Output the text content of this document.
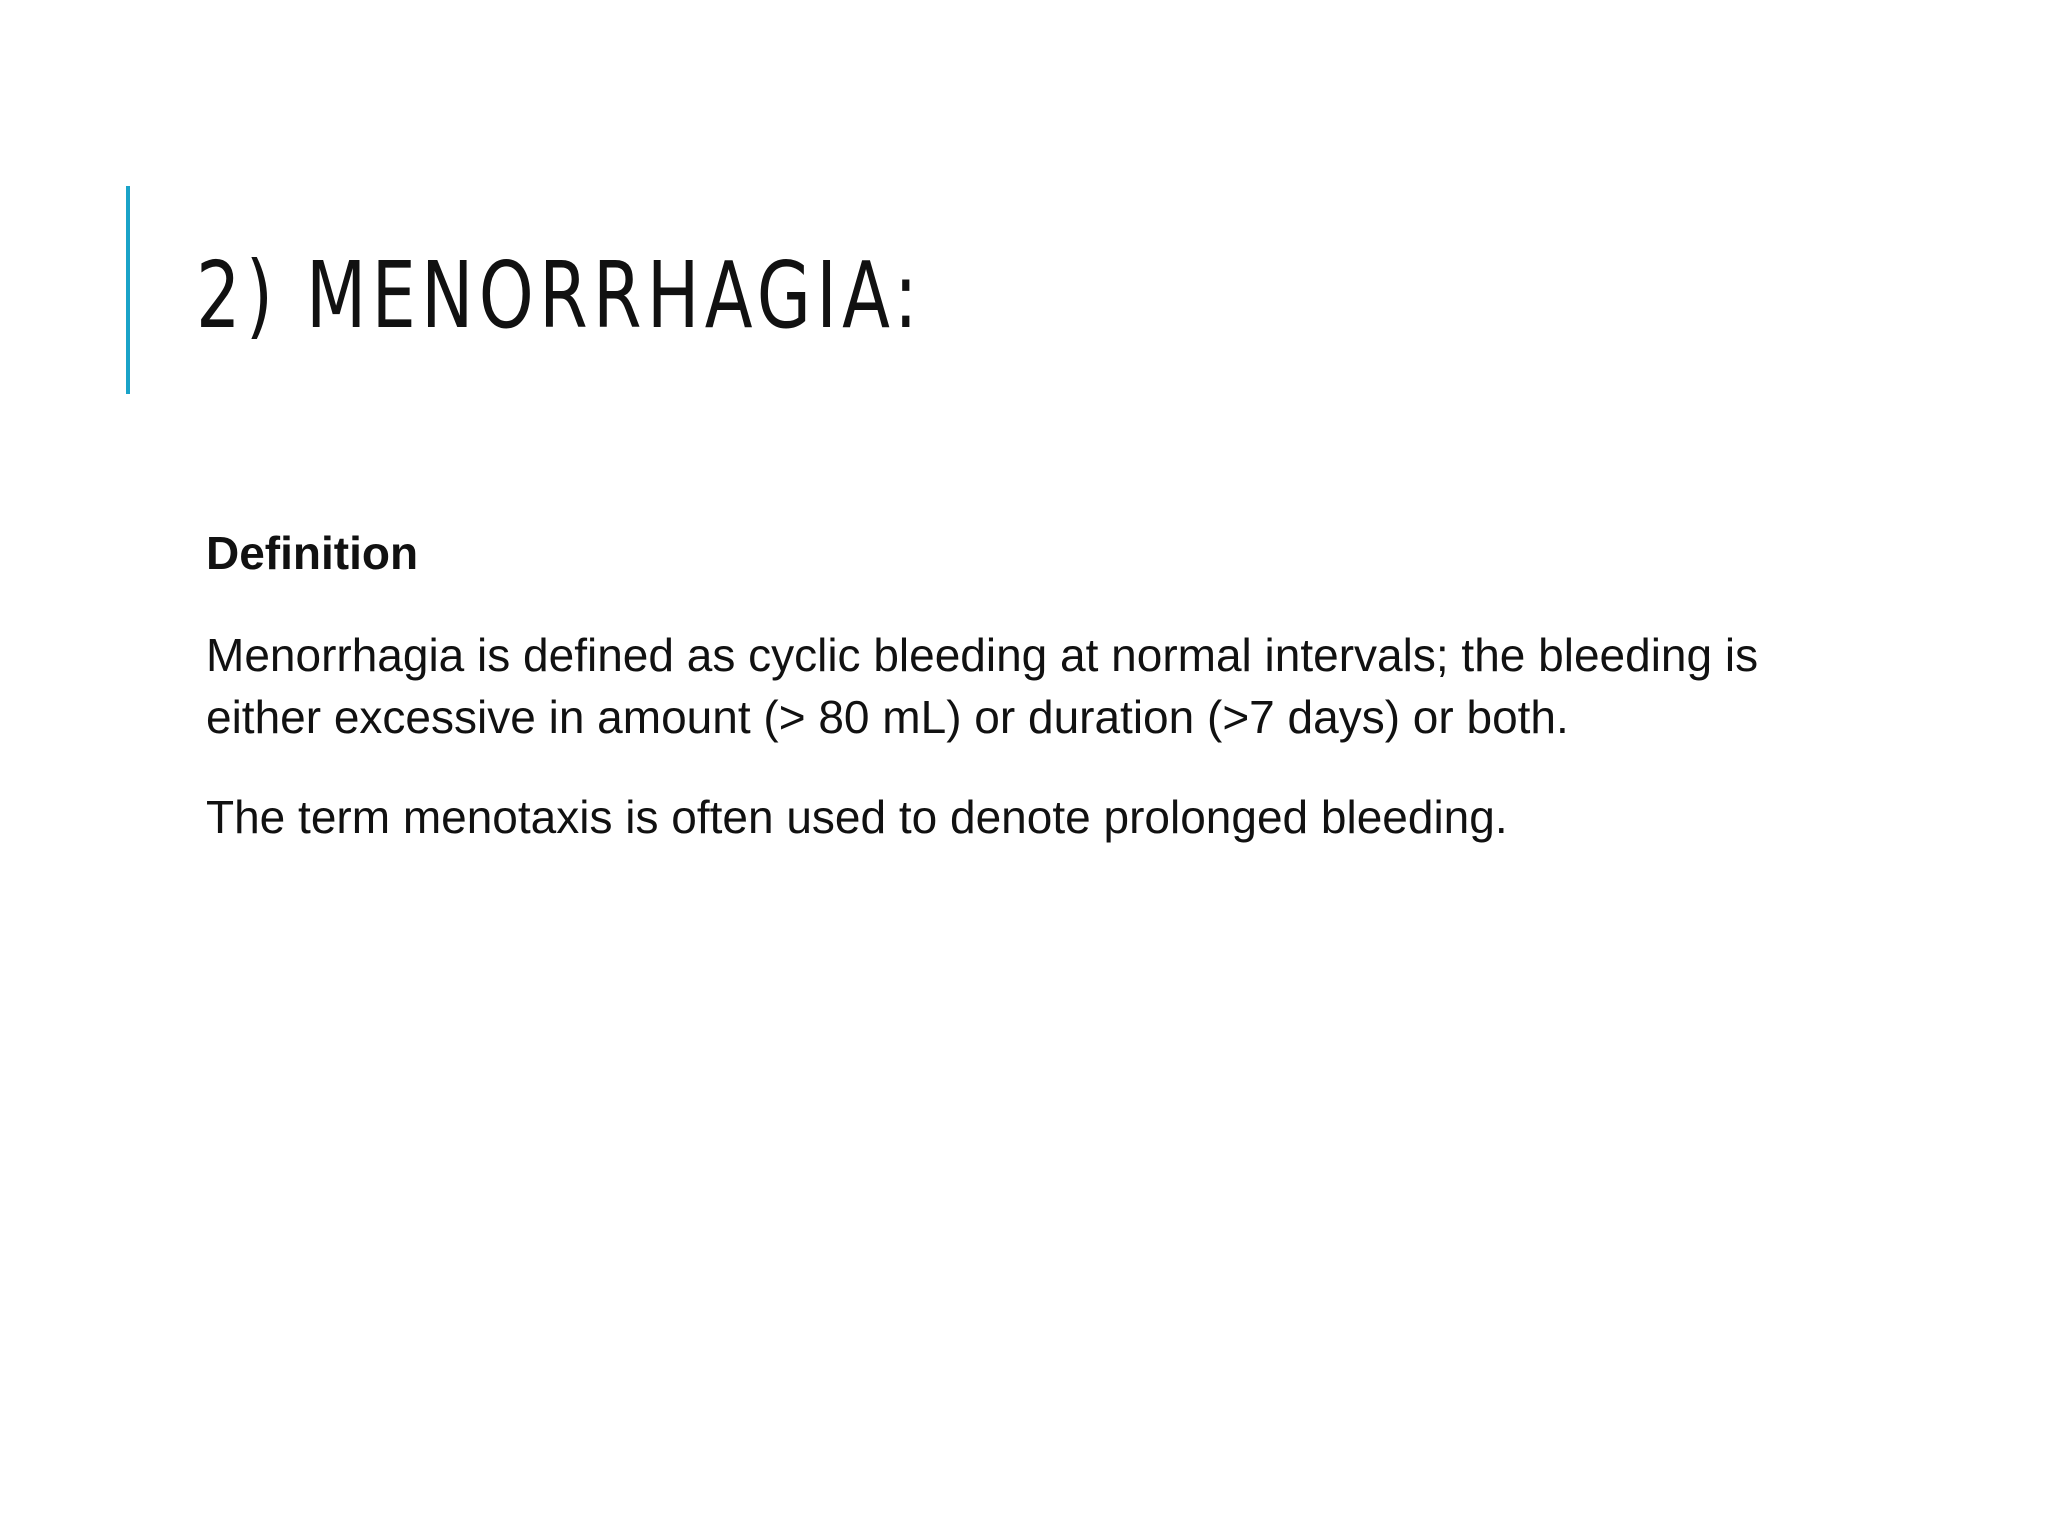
2) MENORRHAGIA:

Definition

Menorrhagia is defined as cyclic bleeding at normal intervals; the bleeding is either excessive in amount (> 80 mL) or duration (>7 days) or both.

The term menotaxis is often used to denote prolonged bleeding.
